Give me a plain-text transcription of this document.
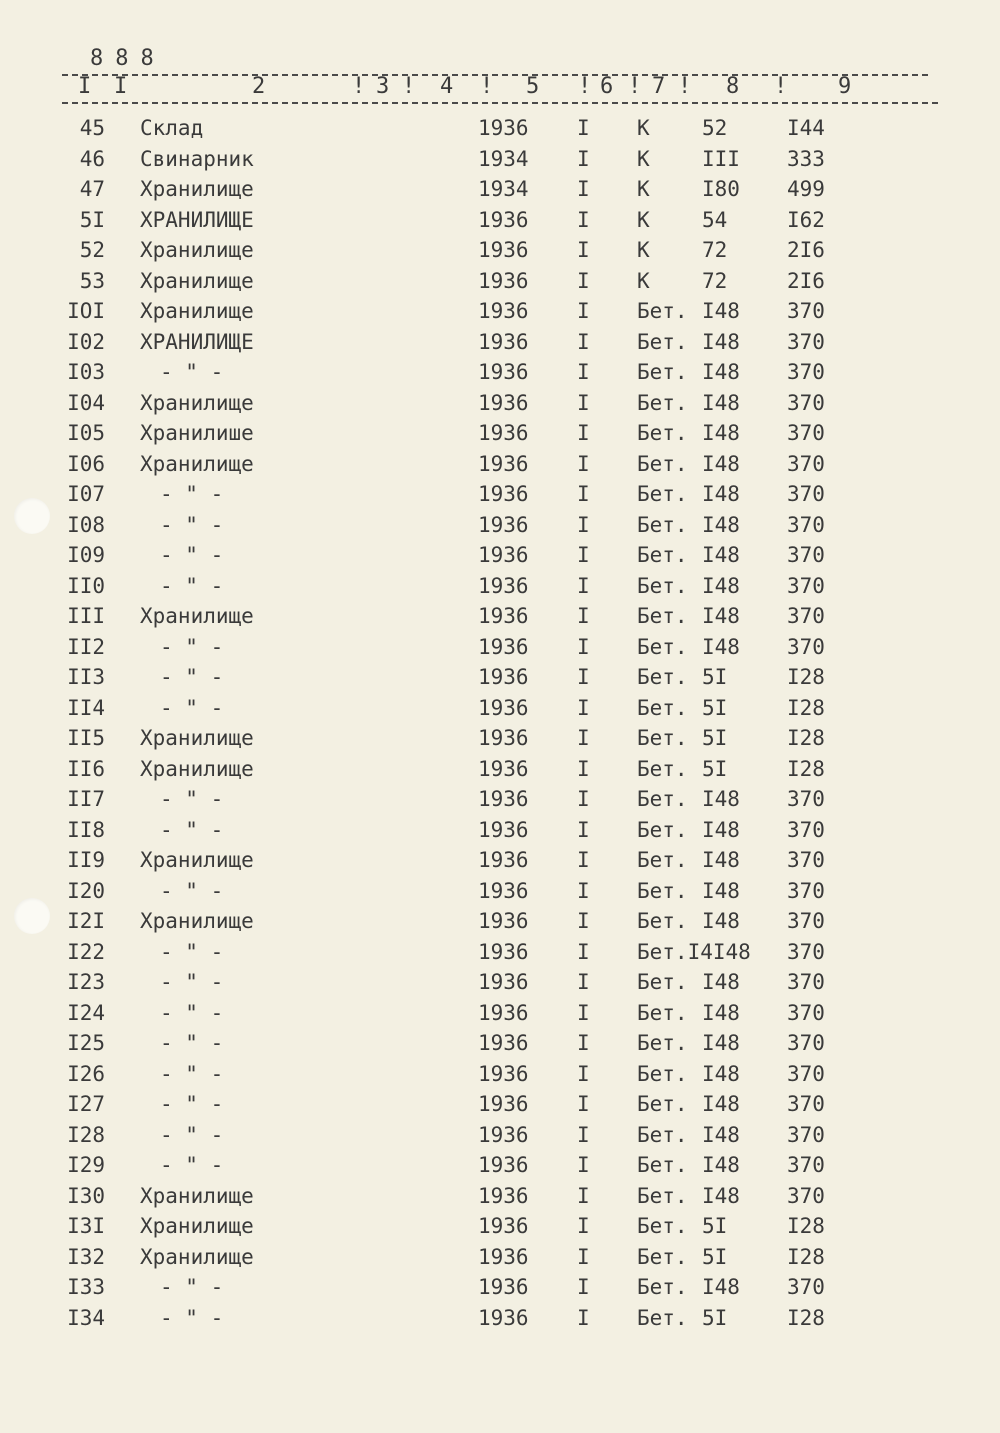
888
I I	2	! 3 ! 4 ! 5 ! 6 ! 7 ! 8 ! 9
45 Склад	1936 I К 52	I44
46 Свинарник	1934 I К III 333
47 Хранилище	1934 I К I80 499
5I ХРАНИЛИЩЕ	1936 I К 54	I62
52 Хранилище	1936 I К 72	2I6
53 Хранилище	1936 I К 72	2I6
IOI Хранилище	1936 I Бет. I48 370
I02 ХРАНИЛИЩЕ	1936 I Бет. I48 370
I03	- " -	1936 I Бет. I48 370
I04 Хранилище	1936 I Бет. I48 370
I05 Хранилише	1936 I Бет. I48 370
I06 Хранилище	1936 I Бет. I48 370
I07	- " -	1936 I Бет. I48 370
I08	- " -	1936 I Бет. I48 370
I09	- " -	1936 I Бет. I48 370
II0	- " -	1936 I Бет. I48 370
III Хранилище	1936 I Бет. I48 370
II2	- " -	1936 I Бет. I48 370
II3	- " -	1936 I Бет. 5I	I28
II4	- " -	1936 I Бет. 5I	I28
II5 Хранилище	1936 I Бет. 5I	I28
II6 Хранилище	1936 I Бет. 5I	I28
II7	- " -	1936 I Бет. I48 370
II8	- " -	1936 I Бет. I48 370
II9 Хранилище	1936 I Бет. I48 370
I20	- " -	1936 I Бет. I48 370
I2I Хранилище	1936 I Бет. I48 370
I22	- " -	1936 I Бет.I4I48 370
I23	- " -	1936 I Бет. I48 370
I24	- " -	1936 I Бет. I48 370
I25	- " -	1936 I Бет. I48 370
I26	- " -	1936 I Бет. I48 370
I27	- " -	1936 I Бет. I48 370
I28	- " -	1936 I Бет. I48 370
I29	- " -	1936 I Бет. I48 370
I30 Хранилище	1936 I Бет. I48 370
I3I Хранилище	1936 I Бет. 5I	I28
I32 Хранилище	1936 I Бет. 5I	I28
I33	- " -	1936 I Бет. I48 370
I34	- " -	1936 I Бет. 5I	I28
